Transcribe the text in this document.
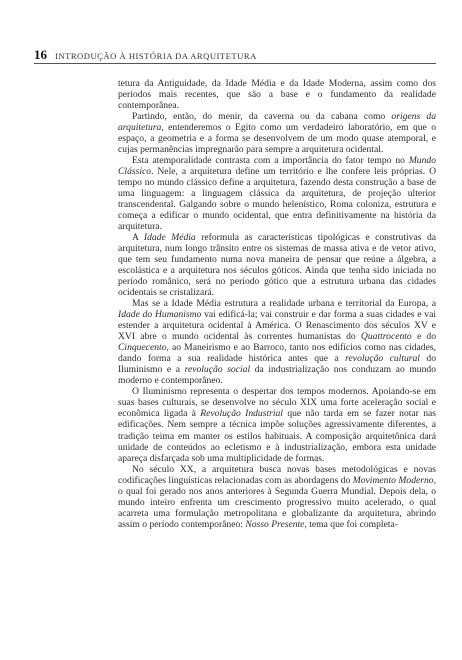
16 INTRODUÇÃO À HISTÓRIA DA ARQUITETURA

tetura da Antiguidade, da Idade Média e da Idade Moderna, assim como dos períodos mais recentes, que são a base e o fundamento da realidade contemporânea.

Partindo, então, do menir, da caverna ou da cabana como origens da arquitetura, entenderemos o Egito como um verdadeiro laboratório, em que o espaço, a geometria e a forma se desenvolvem de um modo quase atemporal, e cujas permanências impregnarão para sempre a arquitetura ocidental.

Esta atemporalidade contrasta com a importância do fator tempo no Mundo Clássico. Nele, a arquitetura define um território e lhe confere leis próprias. O tempo no mundo clássico define a arquitetura, fazendo desta construção a base de uma linguagem: a linguagem clássica da arquitetura, de projeção ulterior transcendental. Galgando sobre o mundo helenístico, Roma coloniza, estrutura e começa a edificar o mundo ocidental, que entra definitivamente na história da arquitetura.

A Idade Média reformula as características tipológicas e construtivas da arquitetura, num longo trânsito entre os sistemas de massa ativa e de vetor ativo, que tem seu fundamento numa nova maneira de pensar que reúne a álgebra, a escolástica e a arquitetura nos séculos góticos. Ainda que tenha sido iniciada no período românico, será no período gótico que a estrutura urbana das cidades ocidentais se cristalizará.

Mas se a Idade Média estrutura a realidade urbana e territorial da Europa, a Idade do Humanismo vai edificá-la; vai construir e dar forma a suas cidades e vai estender a arquitetura ocidental à América. O Renascimento dos séculos XV e XVI abre o mundo ocidental às correntes humanistas do Quattrocento e do Cinquecento, ao Maneirismo e ao Barroco, tanto nos edifícios como nas cidades, dando forma a sua realidade histórica antes que a revolução cultural do Iluminismo e a revolução social da industrialização nos conduzam ao mundo moderno e contemporâneo.

O Iluminismo representa o despertar dos tempos modernos. Apoiando-se em suas bases culturais, se desenvolve no século XIX uma forte aceleração social e econômica ligada à Revolução Industrial que não tarda em se fazer notar nas edificações. Nem sempre a técnica impõe soluções agressivamente diferentes, a tradição teima em manter os estilos habituais. A composição arquitetônica dará unidade de conteúdos ao ecletismo e à industrialização, embora esta unidade apareça disfarçada sob uma multiplicidade de formas.

No século XX, a arquitetura busca novas bases metodológicas e novas codificações linguísticas relacionadas com as abordagens do Movimento Moderno, o qual foi gerado nos anos anteriores à Segunda Guerra Mundial. Depois dela, o mundo inteiro enfrenta um crescimento progressivo muito acelerado, o qual acarreta uma formulação metropolitana e globalizante da arquitetura, abrindo assim o período contemporâneo: Nosso Presente, tema que foi completa-
